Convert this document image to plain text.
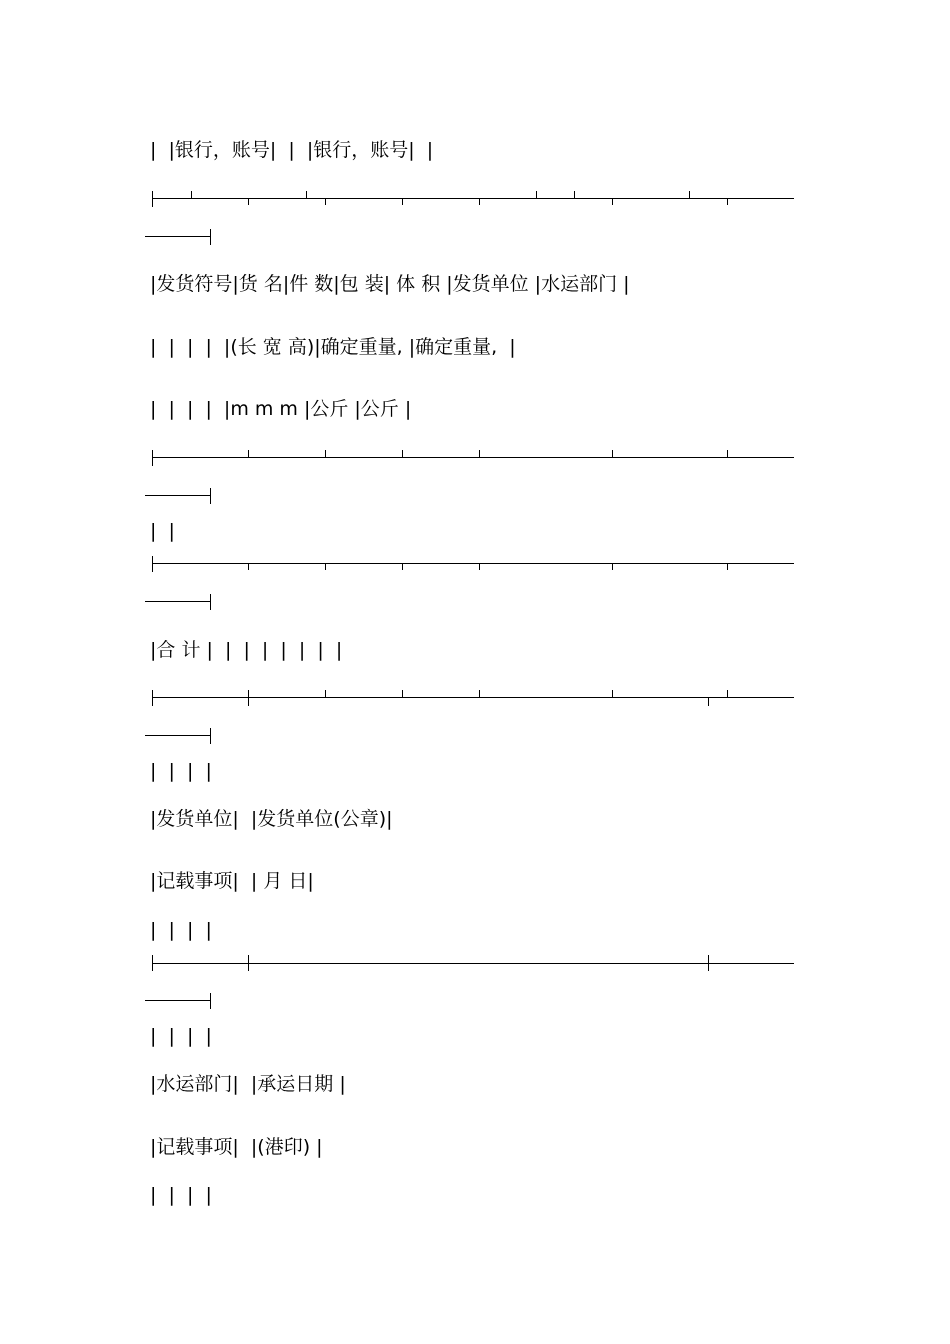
|  |银行，账号|  |  |银行，账号|  |
|发货符号|货 名|件 数|包 装| 体 积 |发货单位 |水运部门 |
|  |  |  |  |(长 宽 高)|确定重量, |确定重量,  |
|  |  |  |  |m m m |公斤 |公斤 |
|  |
|合 计 |  |  |  |  |  |  |  |
|  |  |  |
|发货单位|  |发货单位(公章)|
|记载事项|  | 月 日|
|  |  |  |
|  |  |  |
|水运部门|  |承运日期 |
|记载事项|  |(港印) |
|  |  |  |
